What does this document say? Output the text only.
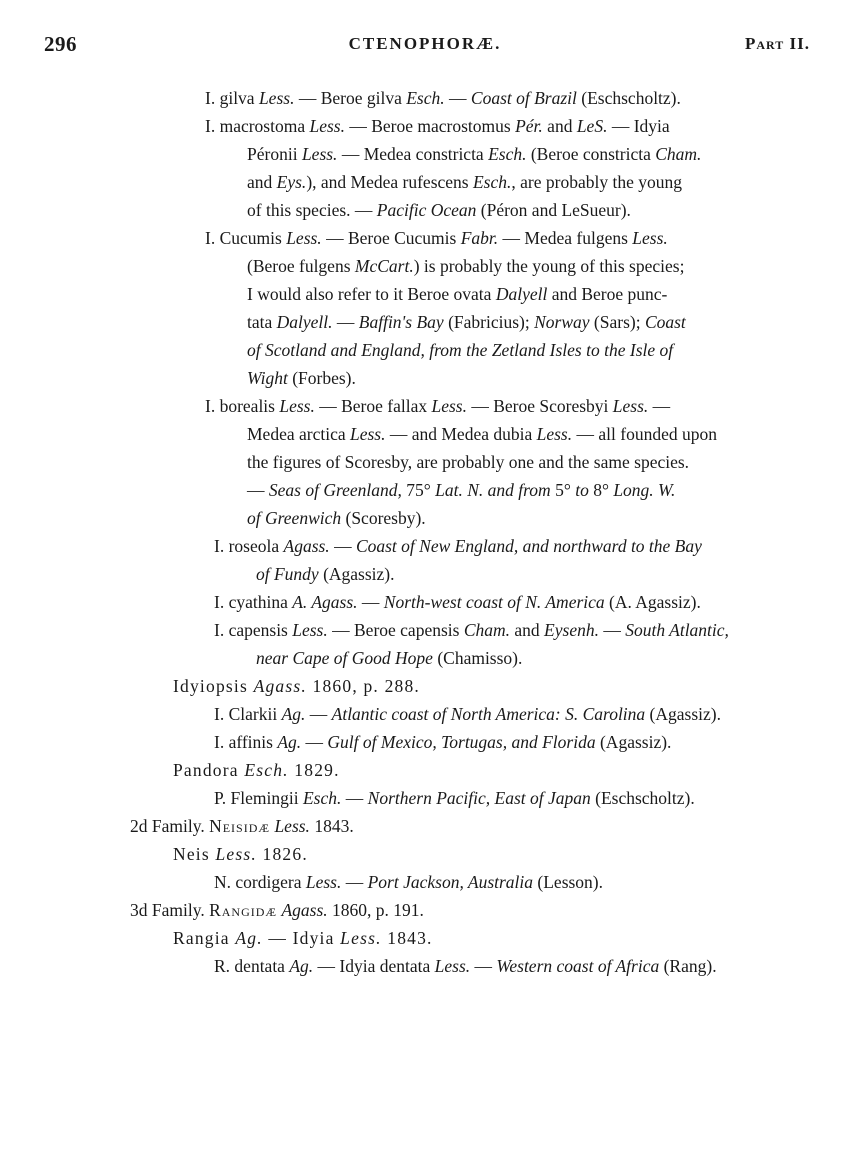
296	CTENOPHORÆ.	Part II.
I. gilva Less. — Beroe gilva Esch. — Coast of Brazil (Eschscholtz).
I. macrostoma Less. — Beroe macrostomus Pér. and LeS. — Idyia
Péronii Less. — Medea constricta Esch. (Beroe constricta Cham.
and Eys.), and Medea rufescens Esch., are probably the young
of this species. — Pacific Ocean (Péron and LeSueur).
I. Cucumis Less. — Beroe Cucumis Fabr. — Medea fulgens Less.
(Beroe fulgens McCart.) is probably the young of this species;
I would also refer to it Beroe ovata Dalyell and Beroe punc-
tata Dalyell. — Baffin's Bay (Fabricius); Norway (Sars); Coast
of Scotland and England, from the Zetland Isles to the Isle of
Wight (Forbes).
I. borealis Less. — Beroe fallax Less. — Beroe Scoresbyi Less. —
Medea arctica Less. — and Medea dubia Less. — all founded upon
the figures of Scoresby, are probably one and the same species.
— Seas of Greenland, 75° Lat. N. and from 5° to 8° Long. W.
of Greenwich (Scoresby).
I. roseola Agass. — Coast of New England, and northward to the Bay
of Fundy (Agassiz).
I. cyathina A. Agass. — North-west coast of N. America (A. Agassiz).
I. capensis Less. — Beroe capensis Cham. and Eysenh. — South Atlantic,
near Cape of Good Hope (Chamisso).
Idyiopsis Agass. 1860, p. 288.
I. Clarkii Ag. — Atlantic coast of North America: S. Carolina (Agassiz).
I. affinis Ag. — Gulf of Mexico, Tortugas, and Florida (Agassiz).
Pandora Esch. 1829.
P. Flemingii Esch. — Northern Pacific, East of Japan (Eschscholtz).
2d Family. Neisidæ Less. 1843.
Neis Less. 1826.
N. cordigera Less. — Port Jackson, Australia (Lesson).
3d Family. Rangidæ Agass. 1860, p. 191.
Rangia Ag. — Idyia Less. 1843.
R. dentata Ag. — Idyia dentata Less. — Western coast of Africa (Rang).
